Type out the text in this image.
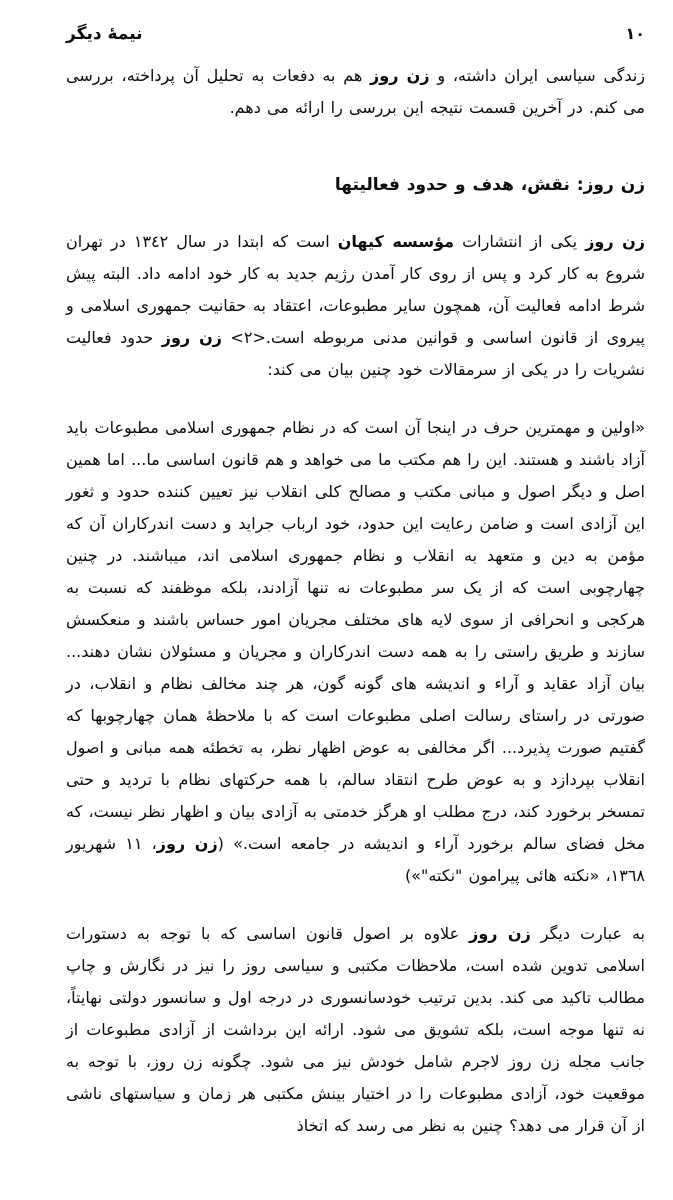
١٠
نیمهٔ دیگر

زندگی سیاسی ایران داشته، و زن روز هم به دفعات به تحلیل آن پرداخته، بررسی می کنم. در آخرین قسمت نتیجه این بررسی را ارائه می دهم.

زن روز: نقش، هدف و حدود فعالیتها

زن روز یکی از انتشارات مؤسسه کیهان است که ابتدا در سال ١٣٤٢ در تهران شروع به کار کرد و پس از روی کار آمدن رژیم جدید به کار خود ادامه داد. البته پیش شرط ادامه فعالیت آن، همچون سایر مطبوعات، اعتقاد به حقانیت جمهوری اسلامی و پیروی از قانون اساسی و قوانین مدنی مربوطه است.<٢> زن روز حدود فعالیت نشریات را در یکی از سرمقالات خود چنین بیان می کند:

«اولین و مهمترین حرف در اینجا آن است که در نظام جمهوری اسلامی مطبوعات باید آزاد باشند و هستند. این را هم مکتب ما می خواهد و هم قانون اساسی ما... اما همین اصل و دیگر اصول و مبانی مکتب و مصالح کلی انقلاب نیز تعیین کننده حدود و ثغور این آزادی است و ضامن رعایت این حدود، خود ارباب جراید و دست اندرکاران آن که مؤمن به دین و متعهد به انقلاب و نظام جمهوری اسلامی اند، میباشند. در چنین چهارچوبی است که از یک سر مطبوعات نه تنها آزادند، بلکه موظفند که نسبت به هرکجی و انحرافی از سوی لایه های مختلف مجریان امور حساس باشند و منعکسش سازند و طریق راستی را به همه دست اندرکاران و مجریان و مسئولان نشان دهند... بیان آزاد عقاید و آراء و اندیشه های گونه گون، هر چند مخالف نظام و انقلاب، در صورتی در راستای رسالت اصلی مطبوعات است که با ملاحظهٔ همان چهارچوبها که گفتیم صورت پذیرد... اگر مخالفی به عوض اظهار نظر، به تخطئه همه مبانی و اصول انقلاب بپردازد و به عوض طرح انتقاد سالم، با همه حرکتهای نظام با تردید و حتی تمسخر برخورد کند، درج مطلب او هرگز خدمتی به آزادی بیان و اظهار نظر نیست، که مخل فضای سالم برخورد آراء و اندیشه در جامعه است.» (زن روز، ١١ شهریور ١٣٦٨، «نکته هائی پیرامون "نکته"»)

به عبارت دیگر زن روز علاوه بر اصول قانون اساسی که با توجه به دستورات اسلامی تدوین شده است، ملاحظات مکتبی و سیاسی روز را نیز در نگارش و چاپ مطالب تاکید می کند. بدین ترتیب خودسانسوری در درجه اول و سانسور دولتی نهایتاً، نه تنها موجه است، بلکه تشویق می شود. ارائه این برداشت از آزادی مطبوعات از جانب مجله زن روز لاجرم شامل خودش نیز می شود. چگونه زن روز، با توجه به موقعیت خود، آزادی مطبوعات را در اختیار بینش مکتبی هر زمان و سیاستهای ناشی از آن قرار می دهد؟ چنین به نظر می رسد که اتخاذ
